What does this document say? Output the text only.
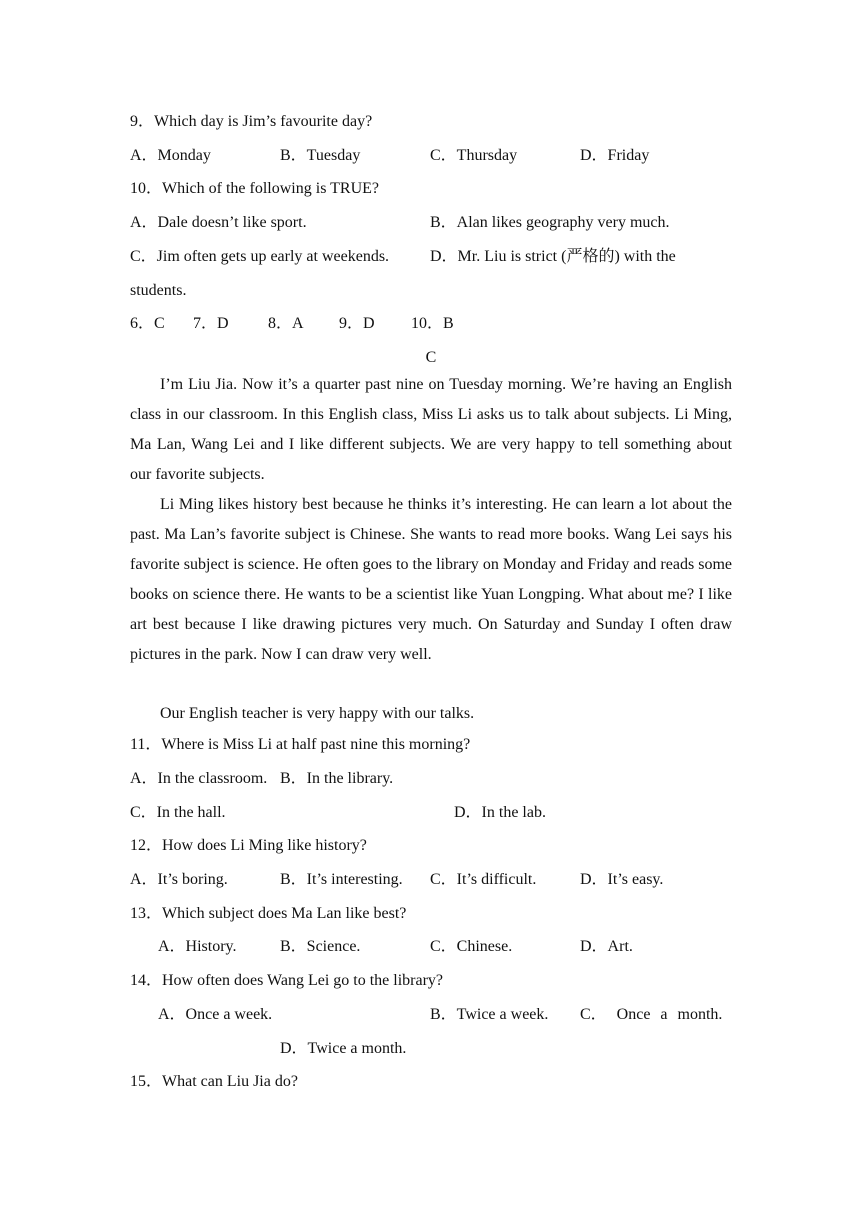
9．Which day is Jim’s favourite day?
A．Monday	B．Tuesday	C．Thursday	D．Friday
10．Which of the following is TRUE?
A．Dale doesn’t like sport.	B．Alan likes geography very much.
C．Jim often gets up early at weekends.	D．Mr. Liu is strict (严格的) with the
students.
6．C 7．D 8．A 9．D 10．B
C
I’m Liu Jia. Now it’s a quarter past nine on Tuesday morning. We’re having an English class in our classroom. In this English class, Miss Li asks us to talk about subjects. Li Ming, Ma Lan, Wang Lei and I like different subjects. We are very happy to tell something about our favorite subjects.
Li Ming likes history best because he thinks it’s interesting. He can learn a lot about the past. Ma Lan’s favorite subject is Chinese. She wants to read more books. Wang Lei says his favorite subject is science. He often goes to the library on Monday and Friday and reads some books on science there. He wants to be a scientist like Yuan Longping. What about me? I like art best because I like drawing pictures very much. On Saturday and Sunday I often draw pictures in the park. Now I can draw very well.
Our English teacher is very happy with our talks.
11．Where is Miss Li at half past nine this morning?
A．In the classroom. B．In the library.
C．In the hall.	D．In the lab.
12．How does Li Ming like history?
A．It’s boring.	B．It’s interesting. C．It’s difficult.	D．It’s easy.
13．Which subject does Ma Lan like best?
A．History.	B．Science.	C．Chinese.	D．Art.
14．How often does Wang Lei go to the library?
A．Once a week.	B．Twice a week. C． Once a month.
D．Twice a month.
15．What can Liu Jia do?
